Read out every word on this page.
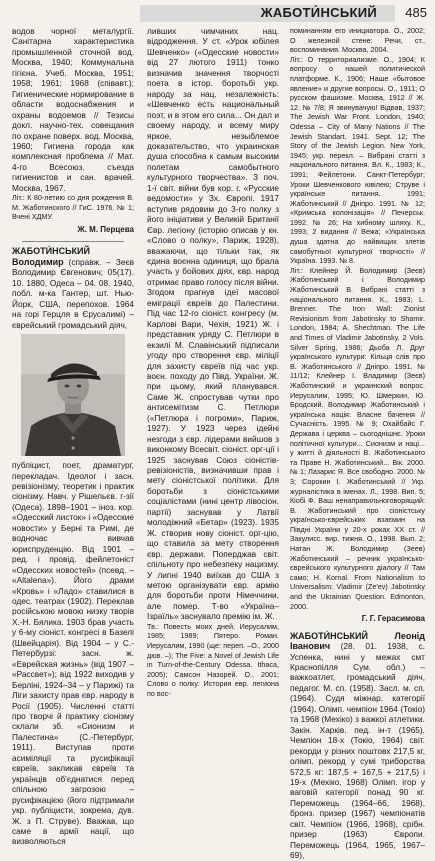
ЖАБОТИ́НСЬКИЙ 485

водов чорної металургії. Санітарна характеристика промышленной сточной вод. Москва, 1940; Коммунальна гігієна. Учеб. Москва, 1951; 1958; 1961; 1968 (співавт.); Гигиенические нормирование в области водоснабжения и охраны водоемов // Тезисы докл. научно-тех. совещания по охране поверх. вод. Москва, 1960; Гигиена города как комплексная проблема // Мат. 4-го Всесоюз. съезда гигиенистов и сан. врачей. Москва, 1967.

Літ.: К 80-летию со дня рождения В. М. Жаботинского // ГиС. 1976. № 1; Вчені ХДМУ.

Ж. М. Перцева

ЖАБОТИ́НСЬКИЙ Володимир (справж. – Зеєв Володимир Євгенович; 05(17). 10. 1880, Одеса – 04. 08. 1940, побл. м-ка Гантер, шт. Нью-Йорк, США, перепохов. 1964 на горі Герцля в Єрусалимі) – єврейський громадський діяч,

публіцист, поет, драматург, перекладач. Ідеолог і засн. ревізіонізму, теоретик і практик сіонізму. Навч. у Рішельєв. г-зії (Одеса). 1898–1901 – іноз. кор. «Одесский листок» і «Одесские новости» у Берні та Римі, де водночас вивчав юриспруденцію. Від 1901 – ред. і провід. фейлетоніст «Одесских новостей» (псевд. – «Altalena»). Його драми «Кровь» і «Ладо» ставилися в одес. театрах (1902). Переклав російською мовою низку творів Х.-Н. Бялика. 1903 брав участь у 6-му сіоніст. конгресі в Базелі (Швейцарія). Від 1904 – у С.-Петербурзі: засн. ж. «Еврейская жизнь» (від 1907 – «Рассвет»); від 1922 виходив у Берліні, 1924–34 – у Парижі) та Ліги захисту прав євр. народу в Росії (1905). Численні статті про творчі й практику сіонізму склали зб. «Сионизм и Палестина» (С.-Петербург, 1911). Виступав проти асиміляції та русифікації євреїв, закликав євреїв та українців об'єднатися перед спільною загрозою – русифікацією (його підтримали укр. публіцисти, зокрема, дув. Ж. з П. Струве). Вважав, що саме в армії нації, що визволяються

ливших чимчиних нац. відродження. У ст. «Урок юбілея Шевченко» («Одесские новости» від 27 лютого 1911) тонко визначив значення творчості поета в істор. боротьбі укр. народу за нац. незалежність: «Шевченко есть национальный поэт, и в этом его сила... Он дал и своему народу, и всему миру яркое, незыблемое доказательство, что украинская душа способна к самым высоким полетам самобытного культурного творчества». З поч. 1-ї світ. війни був кор. г. «Русские ведомости» у Зх. Європі. 1917 вступив рядовим до 3-го полку з його ініціативи у Великій Британії Євр. легіону (історію описав у кн. «Слово о полку», Париж, 1928), вважаючи, що тільки так, як єдина воєнна одиниця, що брала участь у бойових діях, євр. народ отримає право голосу після війни. Згодом прагнув ідеї масової еміграції євреїв до Палестини. Під час 12-го сіоніст. конгресу (м. Карлові Вари, Чехія, 1921) Ж. і представник уряду С. Петлюри в екзилі М. Славінський підписали угоду про створення євр. міліції для захисту євреїв під час укр. воєн. походу до Півд. України. Ж. при цьому, який планувався. Саме Ж. спростував чутки про антисемітизм С. Петлюри («Петлюра і погроми», Париж, 1927). У 1923 через ідейні незгоди з євр. лідерами вийшов з виконкому Всесвіт. сіоніст. орг-ції і 1925 заснував Союз сіоністів-ревізіоністів, визначивши прав і мету сіоністської політики. Для боротьби з сіоністськими соціалістами (нині центр лівосіон. партії) заснував у Латвії молодіжний «Бетар» (1923). 1935 Ж. створив нову сіоніст. орг-цію, що ставила за мету створення євр. держави. Поперджав світ. спільноту про небезпеку нацизму. У липні 1940 виїхав до США з метою організувати євр. армію для боротьби проти Німеччини, але помер. Т-во «Україна–Ізраїль» заснувало премію ім. Ж.

Тв.: Повесть моих дней. Иерусалим, 1985; 1989; Пятеро. Роман. Иерусалим, 1990 (ще: переп. –О., 2000 дюв. –); The Five: a Novel of Jewish Life in Turn-of-the-Century Odessa. Ithaca, 2005); Самсон Назорей. О., 2001; Слово о полку: История евр. легиона по вос-

поминанням его инициатора. О., 2002; О железной стене: Речи, ст., воспоминания. Москва, 2004.

Літ.: О территориализме. О., 1904; К вопросу о нашей политической платформе. К., 1906; Наше «бытовое явление» и другие вопросы. О., 1911; О русском фашизме. Москва, 1912 // Ж. 12. № 7/8; Я звинувачую! Відвав, 1937; The Jewish War Front. London, 1940; Odessa – City of Many Nations // The Jewish Standart. 1941. Sept. 12; The Story of the Jewish Legion. New York, 1945; укр. перекл. – Вибрані статті з національного питання. Вл. К., 1983; К., 1991; Фейлетони. Санкт-Петербург; Уроки Шевченкового ювілею; Струве і українське питання. 1991; Жаботинський // Дніпро. 1991. № 12; «Кримська колонізація» // Печерськ. 1992. № 26; На хибному шляху. К., 1993; 2 видання // Вежа; «Українська душа здатна до найвищих злетів самобутньої культурної творчості» // Україна. 1993. № 8.

Літ.: Клейнер Й. Володимир (Зеєв) Жаботинський і Володимир Жаботинський В. Вибрані статті з національного питання. К., 1983; L. Brenner. The Iron Wall: Zionist Revisionism from Jabotinsky to Shamir. London, 1984; A. Shechtman. The Life and Times of Vladimir Jabotinsky. 2 Vols. Silver Spring, 1986; Дьоба Л. Друг українського культури: Кільця слів про В. Жаботинського // Дніпро. 1991. № 11/12; Клейнер І. Владимир (Зеєв) Жаботинский и украинский вопрос. Иерусалим, 1995; Ю. Шмеркин, Ю. Бродский. Володимир Жаботинський і українська нація: Власне бачення // Сучасність. 1995. № 9; Охайбайс Г. Держава і церква – сьогоднішнє. Уроки політичної культури... Сионизм и наці... у житті й діяльності В. Жаботинського та Праве Н. Жаботинський... Вік. 2000. № 1; Лазарис Я. Все свободно. 2000. № 3; Сорокин І. Жаботинський // Укр. журналістика в іменах. Л., 1998. Вип. 5; Кіобі Ф. Ваш ненаправильноговорящий: В. Жаботинський про сіоністську українсько-єврейських взаємин на Півдні України у 20-х роках ХХ ст. // Закулисс. вир. тижня. О., 1998. Вып. 2; Натан Ж. Володимир (Зеев) Жаботинський – речник українсько-єврейського культурного діалогу // Там само; H. Kornal. From Nationalism to Universalism: Vladimir (Ze'ev) Jabotinsky and the Ukrainian Question. Edmonton, 2000.

Г. Г. Герасимова

ЖАБОТИ́НСЬКИЙ Леонід Іванович (28. 01. 1938, с. Успенка, нині у межах смт Краснопілля Сум. обл.) – важкоатлет, громадський діяч, педагог. М. сп. (1958). Засл. м. сп. (1964). Судя міжнар. категорії (1964). Олімп. чемпіон 1964 (Токіо) та 1968 (Мехіко) з важкої атлетики. Закін. Харків. пед. ін-т (1965). Чемпіон 18-х (Токіо, 1964) світ. рекорди у різних поштовх 217,5 кг, олімп. рекорд у сумі триборства 572,5 кг: 187,5 + 167,5 + 217,5) і 19-х (Мехіко, 1968) Олімп. ігор у ваговій категорії понад 90 кг. Переможець (1964–66, 1968), бронз. призер (1967) чемпіонатів світ. Чемпіон (1966, 1968), срібн. призер (1963) Європи. Переможець (1964, 1965, 1967–69),
